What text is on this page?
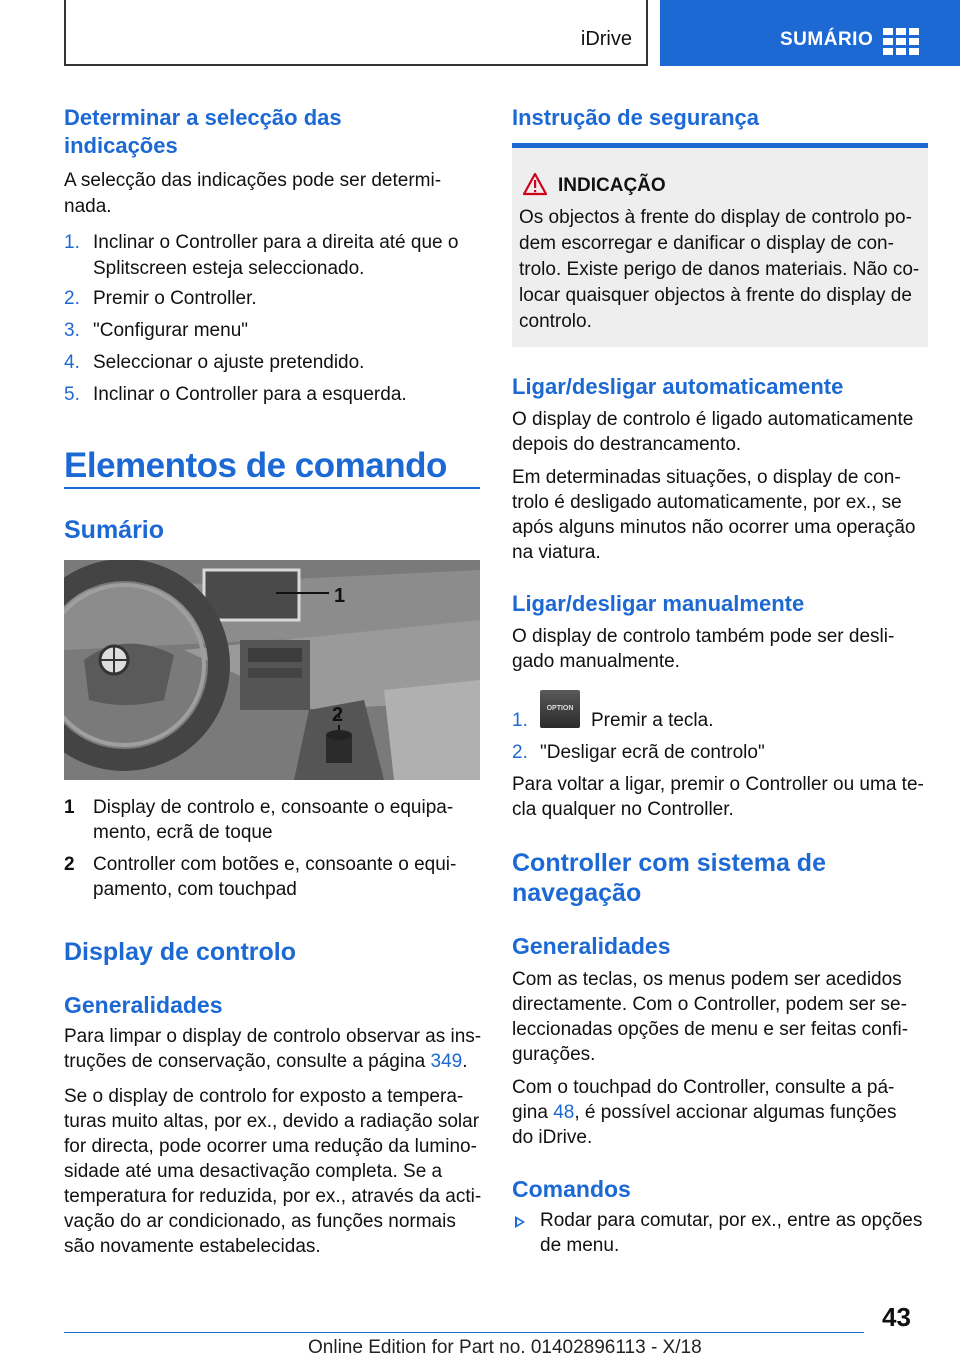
iDrive	SUMÁRIO
Determinar a selecção das indicações
A selecção das indicações pode ser determi-nada.
1. Inclinar o Controller para a direita até que o
Splitscreen esteja seleccionado.
2. Premir o Controller.
3. "Configurar menu"
4. Seleccionar o ajuste pretendido.
5. Inclinar o Controller para a esquerda.
Elementos de comando
Sumário
1
2
1 Display de controlo e, consoante o equipa-
mento, ecrã de toque
2 Controller com botões e, consoante o equi-
pamento, com touchpad
Display de controlo
Generalidades
Para limpar o display de controlo observar as ins-
truções de conservação, consulte a página 349.
Se o display de controlo for exposto a tempera-
turas muito altas, por ex., devido a radiação solar
for directa, pode ocorrer uma redução da lumino-
sidade até uma desactivação completa. Se a
temperatura for reduzida, por ex., através da acti-
vação do ar condicionado, as funções normais
são novamente estabelecidas.
Instrução de segurança
INDICAÇÃO
Os objectos à frente do display de controlo po-
dem escorregar e danificar o display de con-
trolo. Existe perigo de danos materiais. Não co-
locar quaisquer objectos à frente do display de
controlo.
Ligar/desligar automaticamente
O display de controlo é ligado automaticamente
depois do destrancamento.
Em determinadas situações, o display de con-
trolo é desligado automaticamente, por ex., se
após alguns minutos não ocorrer uma operação
na viatura.
Ligar/desligar manualmente
O display de controlo também pode ser desli-
gado manualmente.
1.
OPTION
Premir a tecla.
2. "Desligar ecrã de controlo"
Para voltar a ligar, premir o Controller ou uma te-
cla qualquer no Controller.
Controller com sistema de
navegação
Generalidades
Com as teclas, os menus podem ser acedidos
directamente. Com o Controller, podem ser se-
leccionadas opções de menu e ser feitas confi-
gurações.
Com o touchpad do Controller, consulte a pá-
gina 48, é possível accionar algumas funções
do iDrive.
Comandos
Rodar para comutar, por ex., entre as opções
de menu.
43
Online Edition for Part no. 01402896113 - X/18
